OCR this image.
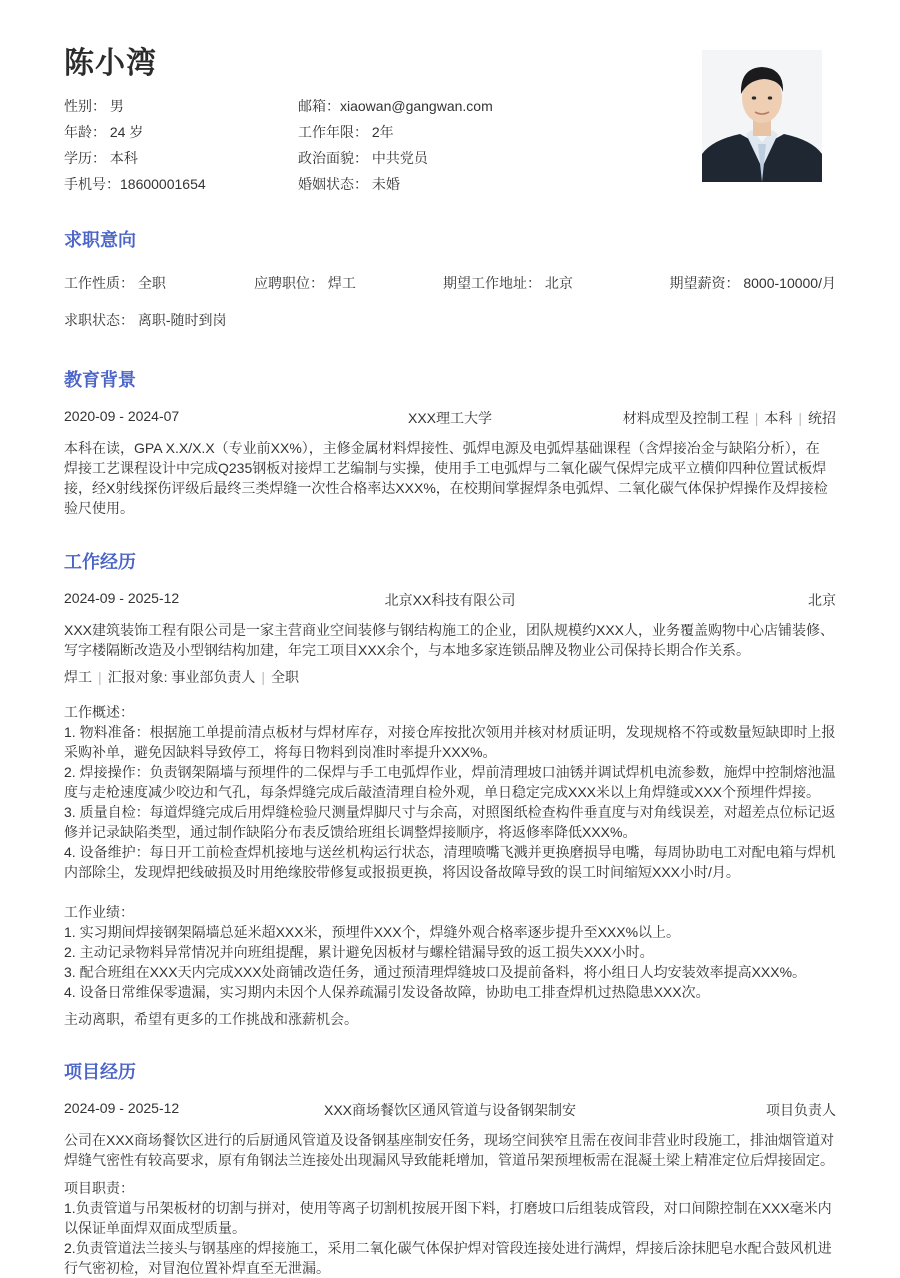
陈小湾
性别： 男	邮箱：xiaowan@gangwan.com
年龄： 24 岁	工作年限： 2年
学历： 本科	政治面貌： 中共党员
手机号：18600001654	婚姻状态： 未婚
求职意向
工作性质： 全职	应聘职位： 焊工	期望工作地址： 北京	期望薪资： 8000-10000/月
求职状态： 离职-随时到岗
教育背景
2020-09 - 2024-07	XXX理工大学	材料成型及控制工程 | 本科 | 统招

本科在读，GPA X.X/X.X（专业前XX%），主修金属材料焊接性、弧焊电源及电弧焊基础课程（含焊接冶金与缺陷分析），在

焊接工艺课程设计中完成Q235钢板对接焊工艺编制与实操，使用手工电弧焊与二氧化碳气保焊完成平立横仰四种位置试板焊

接，经X射线探伤评级后最终三类焊缝一次性合格率达XXX%，在校期间掌握焊条电弧焊、二氧化碳气体保护焊操作及焊接检

验尺使用。

工作经历
2024-09 - 2025-12	北京XX科技有限公司	北京

XXX建筑装饰工程有限公司是一家主营商业空间装修与钢结构施工的企业，团队规模约XXX人，业务覆盖购物中心店铺装修、

写字楼隔断改造及小型钢结构加建，年完工项目XXX余个，与本地多家连锁品牌及物业公司保持长期合作关系。

焊工 | 汇报对象: 事业部负责人 | 全职

工作概述：

1. 物料准备：根据施工单提前清点板材与焊材库存，对接仓库按批次领用并核对材质证明，发现规格不符或数量短缺即时上报

采购补单，避免因缺料导致停工，将每日物料到岗准时率提升XXX%。

2. 焊接操作：负责钢架隔墙与预埋件的二保焊与手工电弧焊作业，焊前清理坡口油锈并调试焊机电流参数，施焊中控制熔池温

度与走枪速度减少咬边和气孔，每条焊缝完成后敲渣清理自检外观，单日稳定完成XXX米以上角焊缝或XXX个预埋件焊接。

3. 质量自检：每道焊缝完成后用焊缝检验尺测量焊脚尺寸与余高，对照图纸检查构件垂直度与对角线误差，对超差点位标记返

修并记录缺陷类型，通过制作缺陷分布表反馈给班组长调整焊接顺序，将返修率降低XXX%。

4. 设备维护：每日开工前检查焊机接地与送丝机构运行状态，清理喷嘴飞溅并更换磨损导电嘴，每周协助电工对配电箱与焊机

内部除尘，发现焊把线破损及时用绝缘胶带修复或报损更换，将因设备故障导致的误工时间缩短XXX小时/月。

工作业绩：

1. 实习期间焊接钢架隔墙总延米超XXX米，预埋件XXX个，焊缝外观合格率逐步提升至XXX%以上。

2. 主动记录物料异常情况并向班组提醒，累计避免因板材与螺栓错漏导致的返工损失XXX小时。

3. 配合班组在XXX天内完成XXX处商铺改造任务，通过预清理焊缝坡口及提前备料，将小组日人均安装效率提高XXX%。

4. 设备日常维保零遗漏，实习期内未因个人保养疏漏引发设备故障，协助电工排查焊机过热隐患XXX次。

主动离职，希望有更多的工作挑战和涨薪机会。
项目经历
2024-09 - 2025-12	XXX商场餐饮区通风管道与设备钢架制安	项目负责人

公司在XXX商场餐饮区进行的后厨通风管道及设备钢基座制安任务，现场空间狭窄且需在夜间非营业时段施工，排油烟管道对

焊缝气密性有较高要求，原有角钢法兰连接处出现漏风导致能耗增加，管道吊架预埋板需在混凝土梁上精准定位后焊接固定。

项目职责：

1.负责管道与吊架板材的切割与拼对，使用等离子切割机按展开图下料，打磨坡口后组装成管段，对口间隙控制在XXX毫米内

以保证单面焊双面成型质量。

2.负责管道法兰接头与钢基座的焊接施工，采用二氧化碳气体保护焊对管段连接处进行满焊，焊接后涂抹肥皂水配合鼓风机进

行气密初检，对冒泡位置补焊直至无泄漏。
